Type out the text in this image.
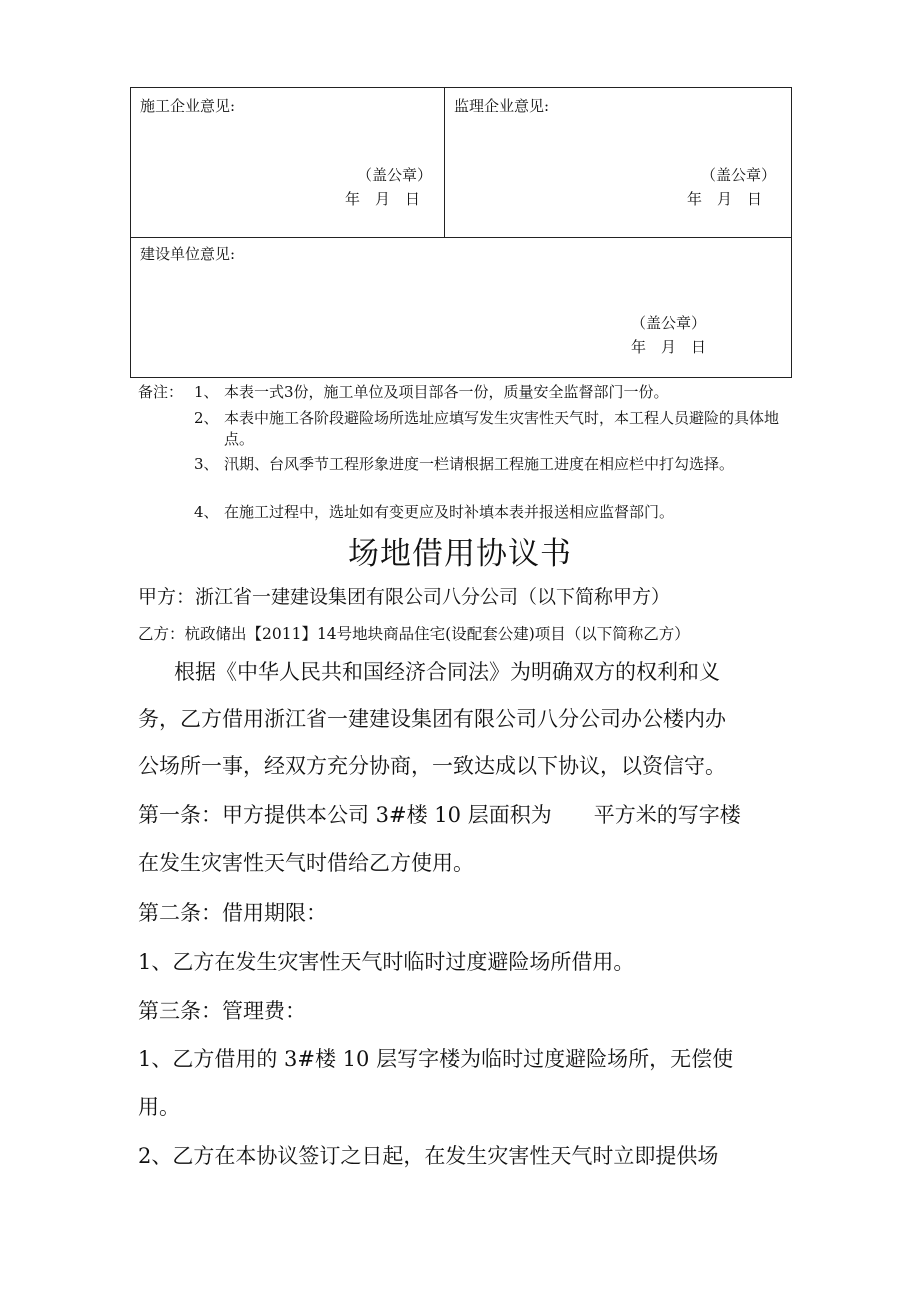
施工企业意见:
（盖公章）
年　月　日
监理企业意见:
（盖公章）
年　月　日
建设单位意见:
（盖公章）
年　月　日
备注： 1、 本表一式3份，施工单位及项目部各一份，质量安全监督部门一份。
2、 本表中施工各阶段避险场所选址应填写发生灾害性天气时，本工程人员避险的具体地点。
3、 汛期、台风季节工程形象进度一栏请根据工程施工进度在相应栏中打勾选择。
4、 在施工过程中，选址如有变更应及时补填本表并报送相应监督部门。
场地借用协议书
甲方：浙江省一建建设集团有限公司八分公司（以下简称甲方）
乙方：杭政储出【2011】14号地块商品住宅(设配套公建)项目（以下简称乙方）
根据《中华人民共和国经济合同法》为明确双方的权利和义
务，乙方借用浙江省一建建设集团有限公司八分公司办公楼内办
公场所一事，经双方充分协商，一致达成以下协议，以资信守。
第一条：甲方提供本公司 3#楼 10 层面积为　　平方米的写字楼
在发生灾害性天气时借给乙方使用。
第二条：借用期限：
1、乙方在发生灾害性天气时临时过度避险场所借用。
第三条：管理费：
1、乙方借用的 3#楼 10 层写字楼为临时过度避险场所，无偿使
用。
2、乙方在本协议签订之日起，在发生灾害性天气时立即提供场
